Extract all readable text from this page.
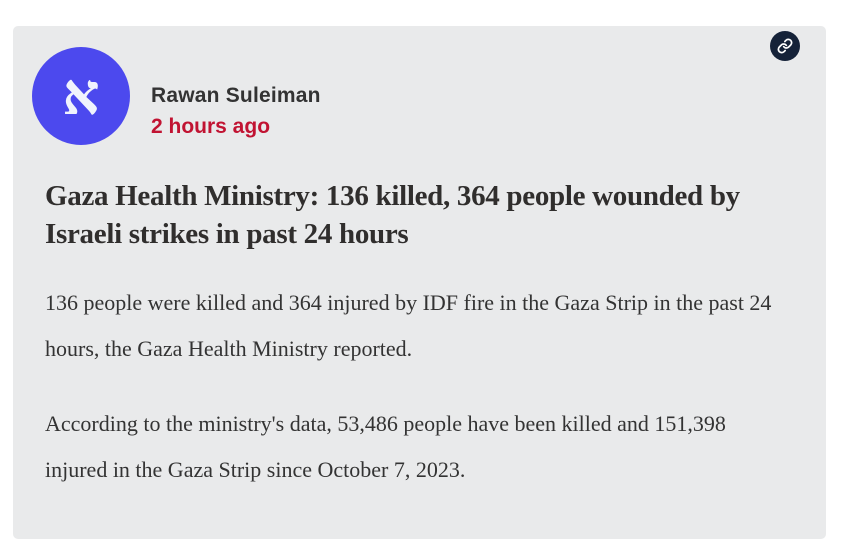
א Rawan Suleiman
2 hours ago
Gaza Health Ministry: 136 killed, 364 people wounded by Israeli strikes in past 24 hours

136 people were killed and 364 injured by IDF fire in the Gaza Strip in the past 24 hours, the Gaza Health Ministry reported.

According to the ministry's data, 53,486 people have been killed and 151,398 injured in the Gaza Strip since October 7, 2023.
